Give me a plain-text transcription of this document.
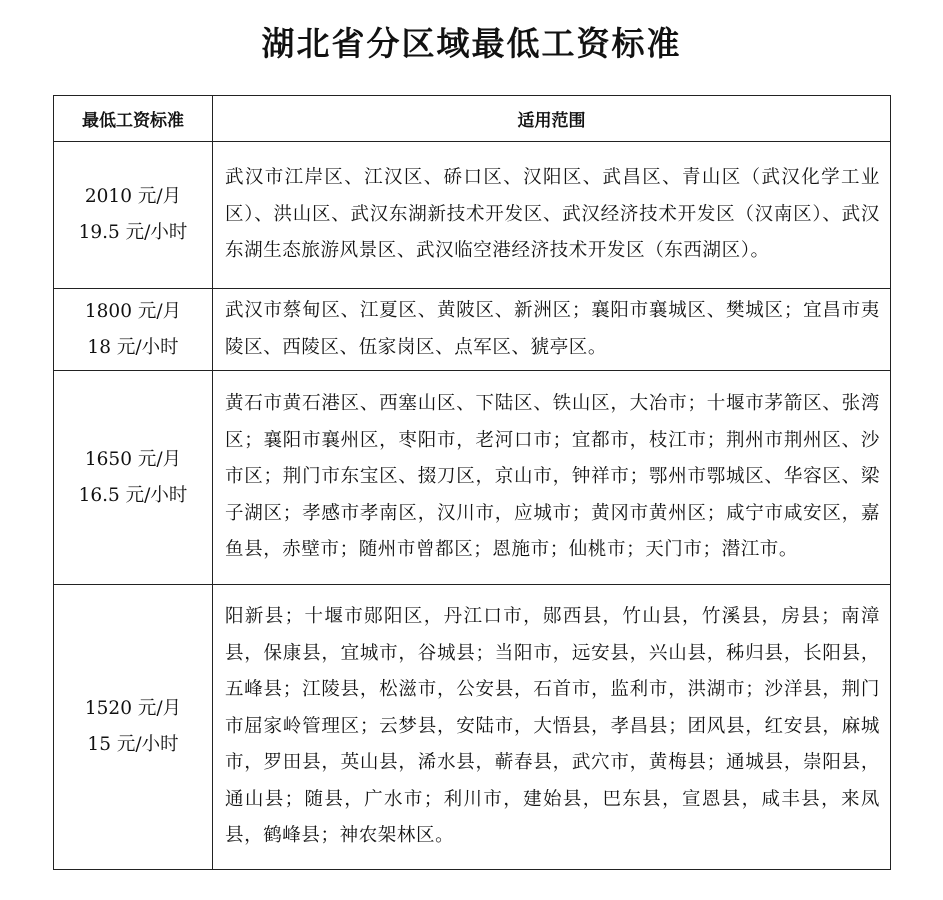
湖北省分区域最低工资标准
最低工资标准	适用范围

2010 元/月
19.5 元/小时	武汉市江岸区、江汉区、硚口区、汉阳区、武昌区、青山区（武汉化学工业区）、洪山区、武汉东湖新技术开发区、武汉经济技术开发区（汉南区）、武汉东湖生态旅游风景区、武汉临空港经济技术开发区（东西湖区）。

1800 元/月
18 元/小时	武汉市蔡甸区、江夏区、黄陂区、新洲区；襄阳市襄城区、樊城区；宜昌市夷陵区、西陵区、伍家岗区、点军区、猇亭区。

1650 元/月
16.5 元/小时	黄石市黄石港区、西塞山区、下陆区、铁山区，大冶市；十堰市茅箭区、张湾区；襄阳市襄州区，枣阳市，老河口市；宜都市，枝江市；荆州市荆州区、沙市区；荆门市东宝区、掇刀区，京山市，钟祥市；鄂州市鄂城区、华容区、梁子湖区；孝感市孝南区，汉川市，应城市；黄冈市黄州区；咸宁市咸安区，嘉鱼县，赤壁市；随州市曾都区；恩施市；仙桃市；天门市；潜江市。

1520 元/月
15 元/小时	阳新县；十堰市郧阳区，丹江口市，郧西县，竹山县，竹溪县，房县；南漳县，保康县，宜城市，谷城县；当阳市，远安县，兴山县，秭归县，长阳县，五峰县；江陵县，松滋市，公安县，石首市，监利市，洪湖市；沙洋县，荆门市屈家岭管理区；云梦县，安陆市，大悟县，孝昌县；团风县，红安县，麻城市，罗田县，英山县，浠水县，蕲春县，武穴市，黄梅县；通城县，崇阳县，通山县；随县，广水市；利川市，建始县，巴东县，宣恩县，咸丰县，来凤县，鹤峰县；神农架林区。
